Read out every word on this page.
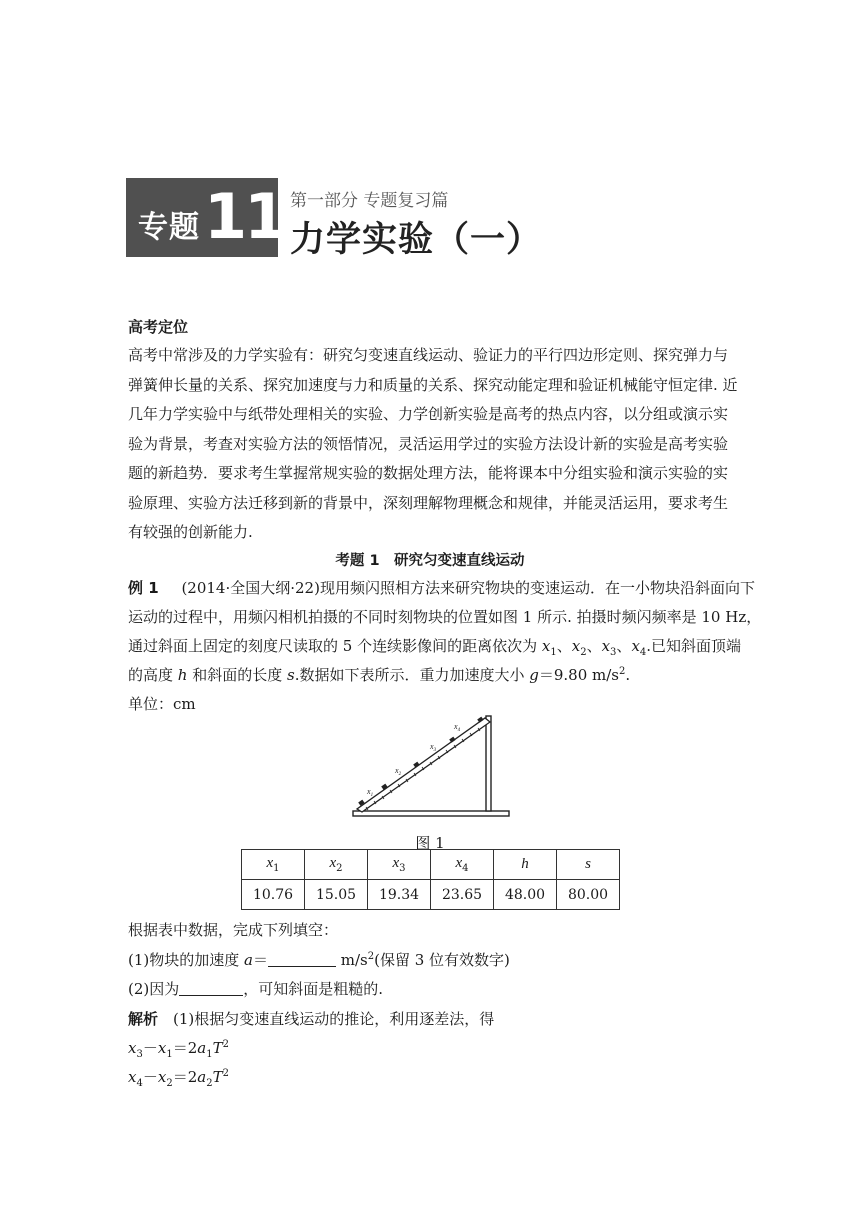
专题 11 第一部分 专题复习篇
力学实验（一）
高考定位

高考中常涉及的力学实验有：研究匀变速直线运动、验证力的平行四边形定则、探究弹力与

弹簧伸长量的关系、探究加速度与力和质量的关系、探究动能定理和验证机械能守恒定律. 近

几年力学实验中与纸带处理相关的实验、力学创新实验是高考的热点内容，以分组或演示实

验为背景，考查对实验方法的领悟情况，灵活运用学过的实验方法设计新的实验是高考实验

题的新趋势．要求考生掌握常规实验的数据处理方法，能将课本中分组实验和演示实验的实

验原理、实验方法迁移到新的背景中，深刻理解物理概念和规律，并能灵活运用，要求考生

有较强的创新能力.

考题 1　研究匀变速直线运动
例 1 (2014·全国大纲·22)现用频闪照相方法来研究物块的变速运动．在一小物块沿斜面向下
运动的过程中，用频闪相机拍摄的不同时刻物块的位置如图 1 所示. 拍摄时频闪频率是 10 Hz，
通过斜面上固定的刻度尺读取的 5 个连续影像间的距离依次为 $x_1$、$x_2$、$x_3$、$x_4$.已知斜面顶端
的高度 h 和斜面的长度 s.数据如下表所示．重力加速度大小 g＝9.80 $m/s^2$.
单位：cm
$x_1$
$x_2$
$x_3$
$x_4$
图 1
$x_1$	$x_2$	$x_3$	$x_4$	h	s
10.76	15.05	19.34	23.65	48.00	80.00
根据表中数据，完成下列填空：
(1)物块的加速度 a＝	$m/s^2$(保留 3 位有效数字)
(2)因为	，可知斜面是粗糙的.
解析　(1)根据匀变速直线运动的推论，利用逐差法，得
$x_3-x_1=2a_1T^2$
$x_4-x_2=2a_2T^2$
